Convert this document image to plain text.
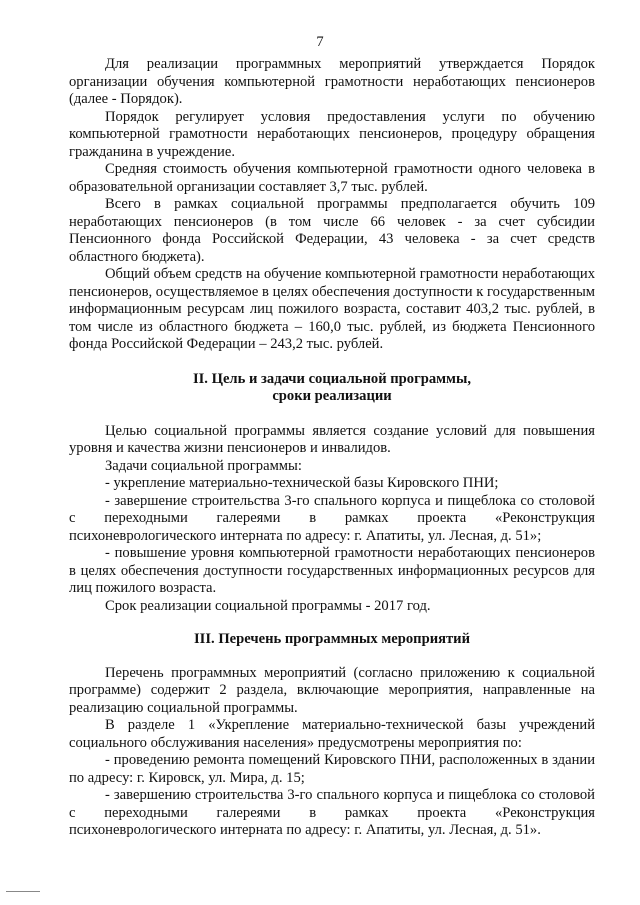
7

Для реализации программных мероприятий утверждается Порядок организации обучения компьютерной грамотности неработающих пенсионеров (далее - Порядок).

Порядок регулирует условия предоставления услуги по обучению компьютерной грамотности неработающих пенсионеров, процедуру обращения гражданина в учреждение.

Средняя стоимость обучения компьютерной грамотности одного человека в образовательной организации составляет 3,7 тыс. рублей.

Всего в рамках социальной программы предполагается обучить 109 неработающих пенсионеров (в том числе 66 человек - за счет субсидии Пенсионного фонда Российской Федерации, 43 человека - за счет средств областного бюджета).

Общий объем средств на обучение компьютерной грамотности неработающих пенсионеров, осуществляемое в целях обеспечения доступности к государственным информационным ресурсам лиц пожилого возраста, составит 403,2 тыс. рублей, в том числе из областного бюджета – 160,0 тыс. рублей, из бюджета Пенсионного фонда Российской Федерации – 243,2 тыс. рублей.

II. Цель и задачи социальной программы,
сроки реализации

Целью социальной программы является создание условий для повышения уровня и качества жизни пенсионеров и инвалидов.

Задачи социальной программы:

- укрепление материально-технической базы Кировского ПНИ;

- завершение строительства 3-го спального корпуса и пищеблока со столовой с переходными галереями в рамках проекта «Реконструкция психоневрологического интерната по адресу: г. Апатиты, ул. Лесная, д. 51»;

- повышение уровня компьютерной грамотности неработающих пенсионеров в целях обеспечения доступности государственных информационных ресурсов для лиц пожилого возраста.

Срок реализации социальной программы - 2017 год.

III. Перечень программных мероприятий

Перечень программных мероприятий (согласно приложению к социальной программе) содержит 2 раздела, включающие мероприятия, направленные на реализацию социальной программы.

В разделе 1 «Укрепление материально-технической базы учреждений социального обслуживания населения» предусмотрены мероприятия по:

- проведению ремонта помещений Кировского ПНИ, расположенных в здании по адресу: г. Кировск, ул. Мира, д. 15;

- завершению строительства 3-го спального корпуса и пищеблока со столовой с переходными галереями в рамках проекта «Реконструкция психоневрологического интерната по адресу: г. Апатиты, ул. Лесная, д. 51».
